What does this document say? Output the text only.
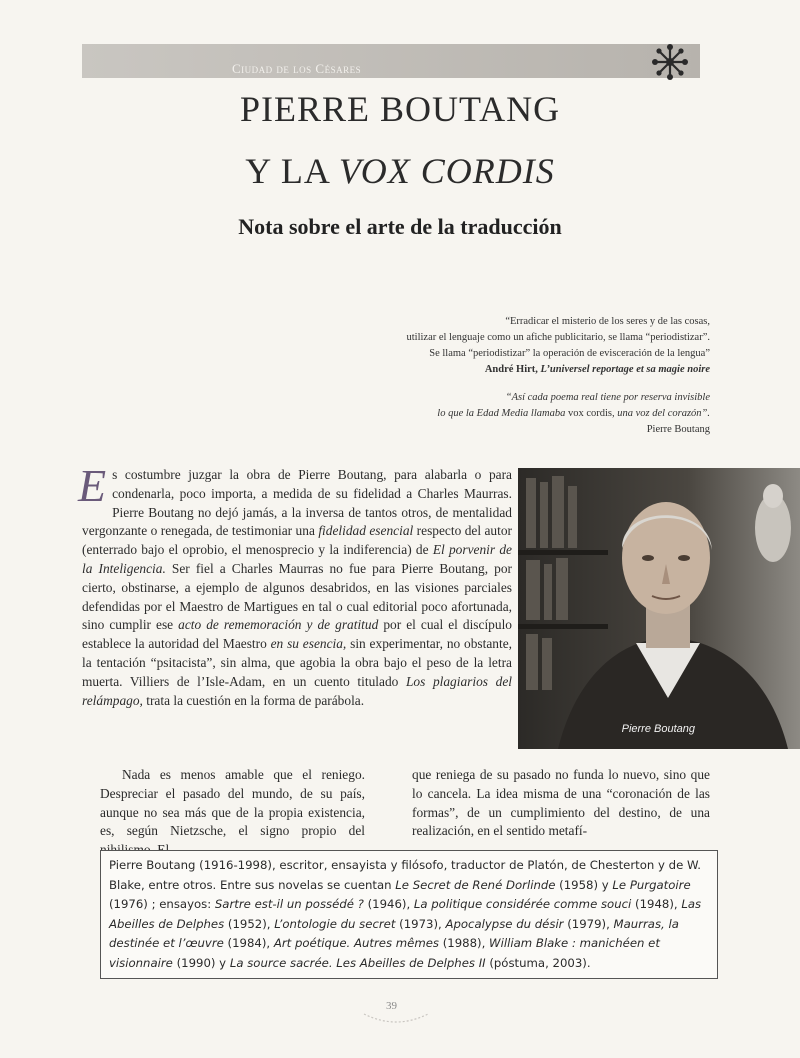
Ciudad de los Césares
PIERRE BOUTANG
Y LA VOX CORDIS
Nota sobre el arte de la traducción
“Erradicar el misterio de los seres y de las cosas,
utilizar el lenguaje como un afiche publicitario, se llama “periodistizar”.
Se llama “periodistizar” la operación de evisceración de la lengua”
André Hirt, L’universel reportage et sa magie noire
“Así cada poema real tiene por reserva invisible
lo que la Edad Media llamaba vox cordis, una voz del corazón”.
Pierre Boutang
Es costumbre juzgar la obra de Pierre Boutang, para alabarla o para condenarla, poco importa, a medida de su fidelidad a Charles Maurras. Pierre Boutang no dejó jamás, a la inversa de tantos otros, de mentalidad vergonzante o renegada, de testimoniar una fidelidad esencial respecto del autor (enterrado bajo el oprobio, el menosprecio y la indiferencia) de El porvenir de la Inteligencia. Ser fiel a Charles Maurras no fue para Pierre Boutang, por cierto, obstinarse, a ejemplo de algunos desabridos, en las visiones parciales defendidas por el Maestro de Martigues en tal o cual editorial poco afortunada, sino cumplir ese acto de rememoración y de gratitud por el cual el discípulo establece la autoridad del Maestro en su esencia, sin experimentar, no obstante, la tentación “psitacista”, sin alma, que agobia la obra bajo el peso de la letra muerta. Villiers de l’Isle-Adam, en un cuento titulado Los plagiarios del relámpago, trata la cuestión en la forma de parábola.
Pierre Boutang
Nada es menos amable que el reniego. Despreciar el pasado del mundo, de su país, aunque no sea más que de la propia existencia, es, según Nietzsche, el signo propio del
que reniega de su pasado no funda lo nuevo, sino que lo cancela. La idea misma de una “coronación de las formas”, de un cumplimiento del destino, de una realización, en el sentido metafí-
Pierre Boutang (1916-1998), escritor, ensayista y filósofo, traductor de Platón, de Chesterton y de W. Blake, entre otros. Entre sus novelas se cuentan Le Secret de René Dorlinde (1958) y Le Purgatoire (1976) ; ensayos: Sartre est-il un possédé ? (1946), La politique considérée comme souci (1948), Las Abeilles de Delphes (1952), L’ontologie du secret (1973), Apocalypse du désir (1979), Maurras, la destinée et l’œuvre (1984), Art poétique. Autres mêmes (1988), William Blake : manichéen et visionnaire (1990) y La source sacrée. Les Abeilles de Delphes II (póstuma, 2003).
39
